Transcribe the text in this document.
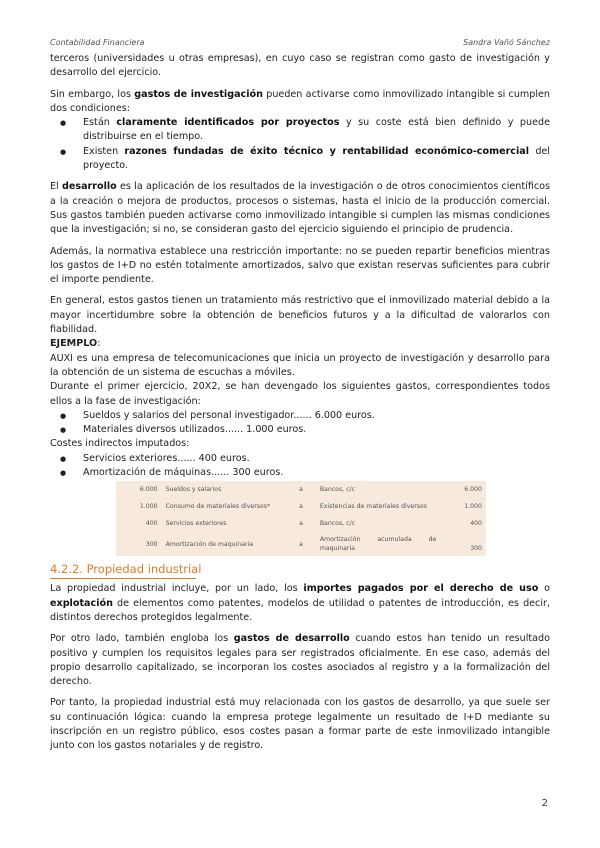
Contabilidad Financiera	Sandra Vañó Sánchez

terceros (universidades u otras empresas), en cuyo caso se registran como gasto de investigación y desarrollo del ejercicio.

Sin embargo, los gastos de investigación pueden activarse como inmovilizado intangible si cumplen dos condiciones:

● Están claramente identificados por proyectos y su coste está bien definido y puede distribuirse en el tiempo.
● Existen razones fundadas de éxito técnico y rentabilidad económico-comercial del proyecto.

El desarrollo es la aplicación de los resultados de la investigación o de otros conocimientos científicos a la creación o mejora de productos, procesos o sistemas, hasta el inicio de la producción comercial. Sus gastos también pueden activarse como inmovilizado intangible si cumplen las mismas condiciones que la investigación; si no, se consideran gasto del ejercicio siguiendo el principio de prudencia.

Además, la normativa establece una restricción importante: no se pueden repartir beneficios mientras los gastos de I+D no estén totalmente amortizados, salvo que existan reservas suficientes para cubrir el importe pendiente.

En general, estos gastos tienen un tratamiento más restrictivo que el inmovilizado material debido a la mayor incertidumbre sobre la obtención de beneficios futuros y a la dificultad de valorarlos con fiabilidad.

EJEMPLO:

AUXI es una empresa de telecomunicaciones que inicia un proyecto de investigación y desarrollo para la obtención de un sistema de escuchas a móviles.

Durante el primer ejercicio, 20X2, se han devengado los siguientes gastos, correspondientes todos ellos a la fase de investigación:

● Sueldos y salarios del personal investigador...... 6.000 euros.
● Materiales diversos utilizados...... 1.000 euros.

Costes indirectos imputados:

● Servicios exteriores...... 400 euros.
● Amortización de máquinas...... 300 euros.
6.000	Sueldos y salarios	a	Bancos, c/c	6.000
1.000	Consumo de materiales diversos*	a	Existencias de materiales diversos	1.000
400	Servicios exteriores	a	Bancos, c/c	400
300	Amortización de maquinaria	a	Amortización acumulada de maquinaria	300
4.2.2. Propiedad industrial

La propiedad industrial incluye, por un lado, los importes pagados por el derecho de uso o explotación de elementos como patentes, modelos de utilidad o patentes de introducción, es decir, distintos derechos protegidos legalmente.

Por otro lado, también engloba los gastos de desarrollo cuando estos han tenido un resultado positivo y cumplen los requisitos legales para ser registrados oficialmente. En ese caso, además del propio desarrollo capitalizado, se incorporan los costes asociados al registro y a la formalización del derecho.

Por tanto, la propiedad industrial está muy relacionada con los gastos de desarrollo, ya que suele ser su continuación lógica: cuando la empresa protege legalmente un resultado de I+D mediante su inscripción en un registro público, esos costes pasan a formar parte de este inmovilizado intangible junto con los gastos notariales y de registro.

2
